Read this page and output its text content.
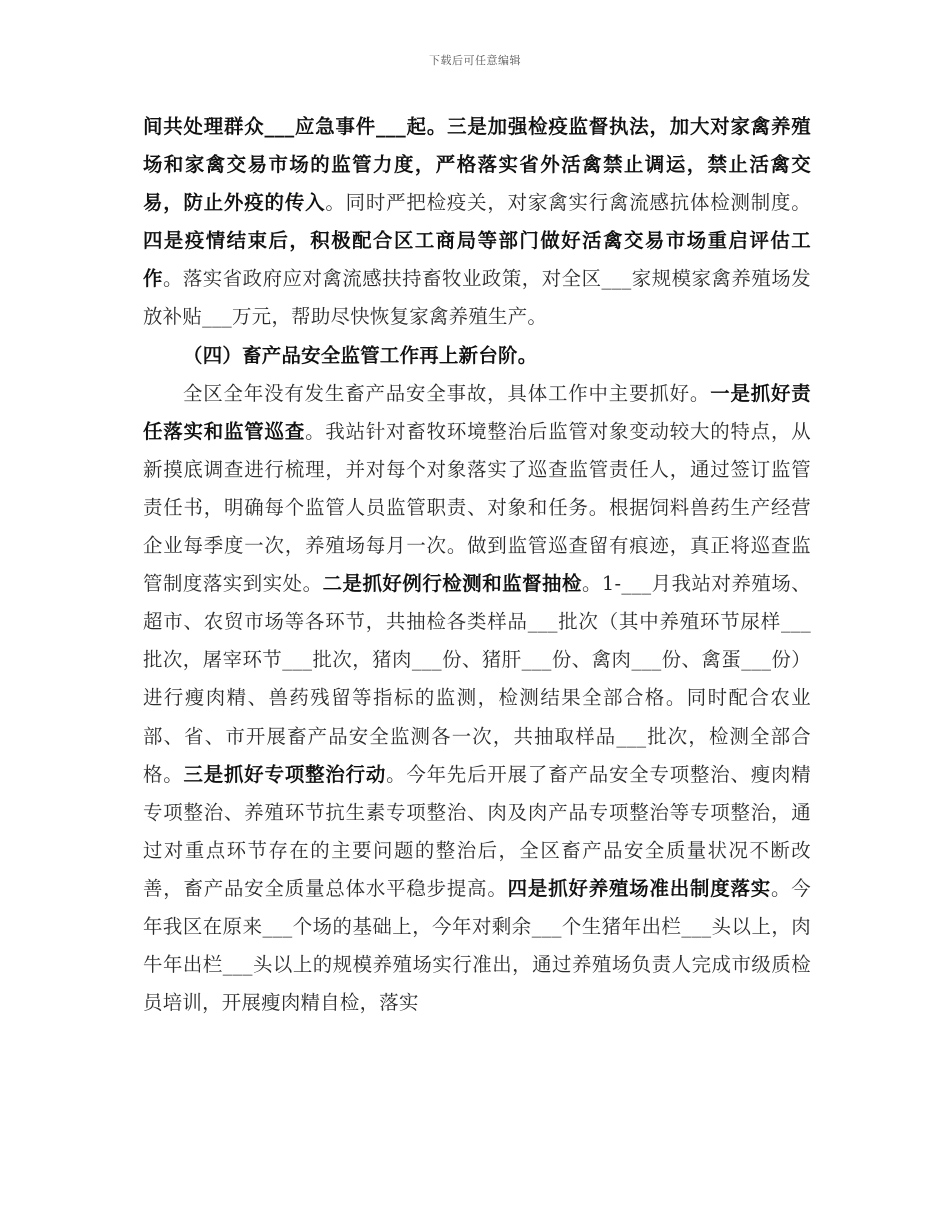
下载后可任意编辑

间共处理群众___应急事件___起。三是加强检疫监督执法，加大对家禽养殖场和家禽交易市场的监管力度，严格落实省外活禽禁止调运，禁止活禽交易，防止外疫的传入。同时严把检疫关，对家禽实行禽流感抗体检测制度。四是疫情结束后，积极配合区工商局等部门做好活禽交易市场重启评估工作。落实省政府应对禽流感扶持畜牧业政策，对全区___家规模家禽养殖场发放补贴___万元，帮助尽快恢复家禽养殖生产。

（四）畜产品安全监管工作再上新台阶。

全区全年没有发生畜产品安全事故，具体工作中主要抓好。一是抓好责任落实和监管巡查。我站针对畜牧环境整治后监管对象变动较大的特点，从新摸底调查进行梳理，并对每个对象落实了巡查监管责任人，通过签订监管责任书，明确每个监管人员监管职责、对象和任务。根据饲料兽药生产经营企业每季度一次，养殖场每月一次。做到监管巡查留有痕迹，真正将巡查监管制度落实到实处。二是抓好例行检测和监督抽检。1-___月我站对养殖场、超市、农贸市场等各环节，共抽检各类样品___批次（其中养殖环节尿样___批次，屠宰环节___批次，猪肉___份、猪肝___份、禽肉___份、禽蛋___份）进行瘦肉精、兽药残留等指标的监测，检测结果全部合格。同时配合农业部、省、市开展畜产品安全监测各一次，共抽取样品___批次，检测全部合格。三是抓好专项整治行动。今年先后开展了畜产品安全专项整治、瘦肉精专项整治、养殖环节抗生素专项整治、肉及肉产品专项整治等专项整治，通过对重点环节存在的主要问题的整治后，全区畜产品安全质量状况不断改善，畜产品安全质量总体水平稳步提高。四是抓好养殖场准出制度落实。今年我区在原来___个场的基础上，今年对剩余___个生猪年出栏___头以上，肉牛年出栏___头以上的规模养殖场实行准出，通过养殖场负责人完成市级质检员培训，开展瘦肉精自检，落实
